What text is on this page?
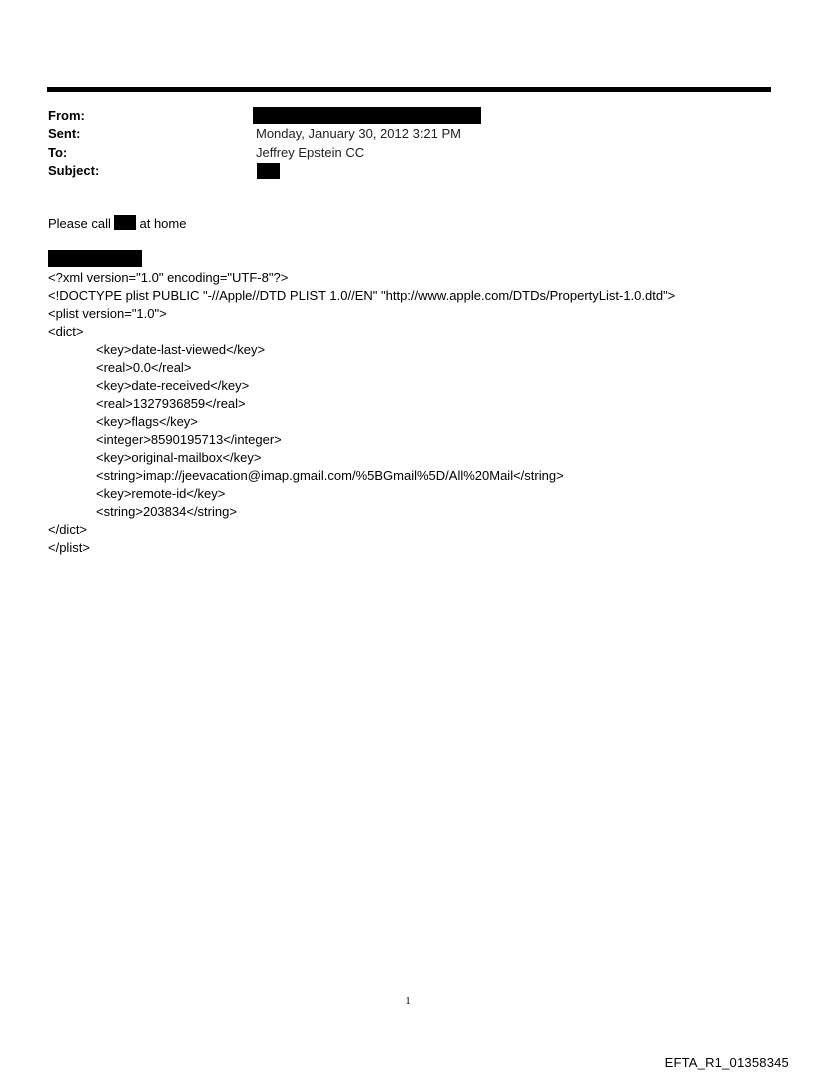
From:
Sent:	Monday, January 30, 2012 3:21 PM
To:	Jeffrey Epstein CC
Subject:
Please call at home
<?xml version="1.0" encoding="UTF-8"?>
<!DOCTYPE plist PUBLIC "-//Apple//DTD PLIST 1.0//EN" "http://www.apple.com/DTDs/PropertyList-1.0.dtd">
<plist version="1.0">
<dict>
<key>date-last-viewed</key>
<real>0.0</real>
<key>date-received</key>
<real>1327936859</real>
<key>flags</key>
<integer>8590195713</integer>
<key>original-mailbox</key>
<string>imap://jeevacation@imap.gmail.com/%5BGmail%5D/All%20Mail</string>
<key>remote-id</key>
<string>203834</string>
</dict>
</plist>
1
EFTA_R1_01358345
